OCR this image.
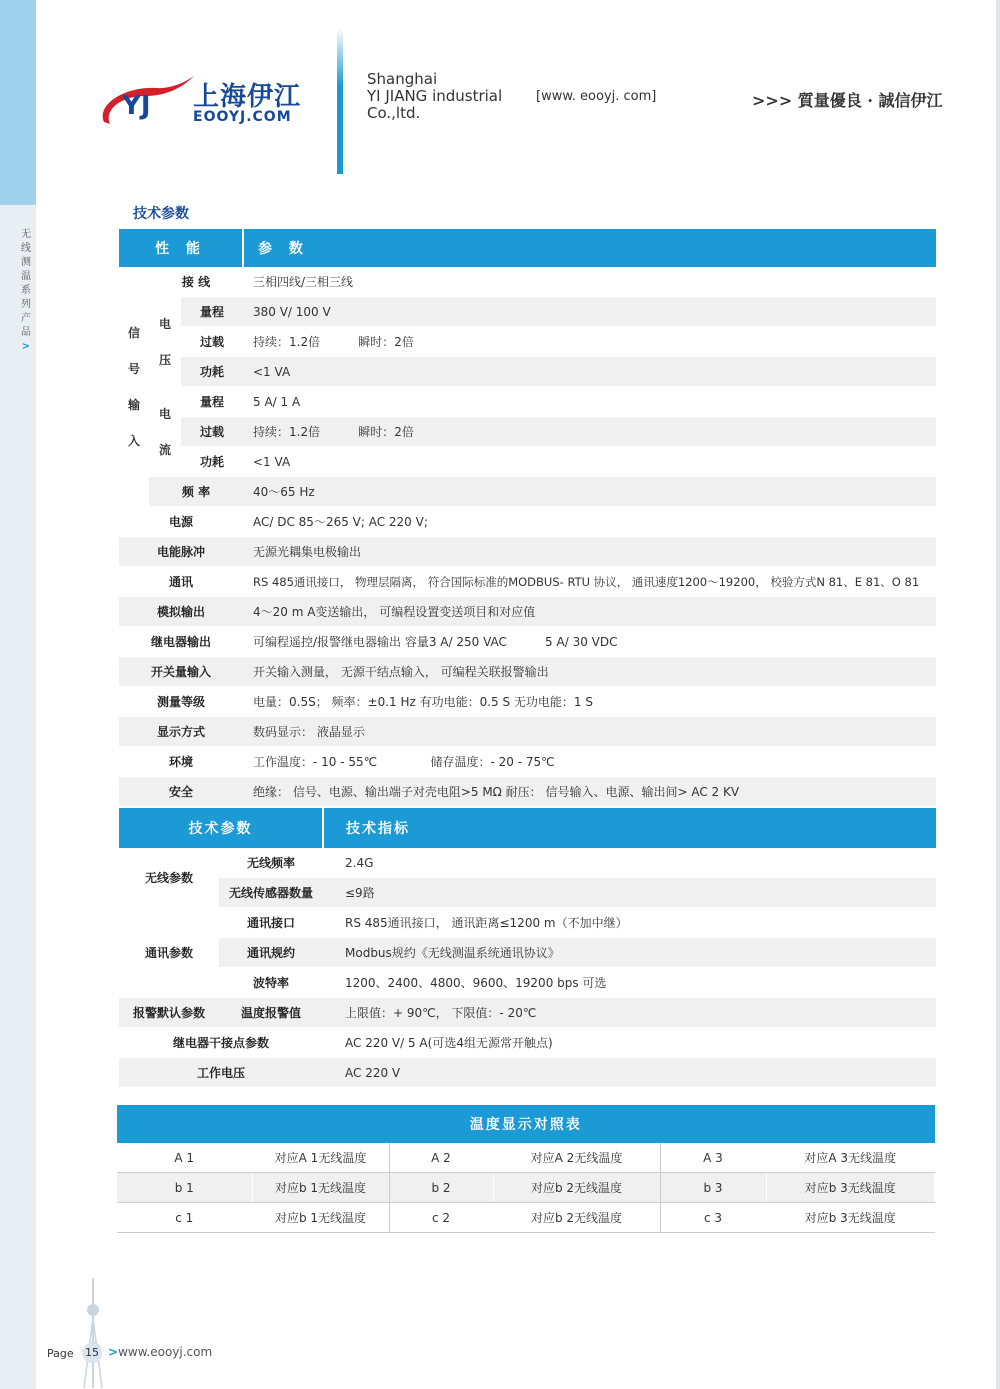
无
线
测
温
系
列
产
品
>
YJ 上海伊江
EOOYJ.COM
Shanghai
YI JIANG industrial
Co.,ltd.
[www. eooyj. com]	>>> 質量優良 · 誠信伊江
技术参数
性 能			参 数
信号输入	接 线		三相四线/三相三线
	电压	量程	380 V/ 100 V
		过载	持续：1.2倍          瞬时：2倍
		功耗	<1 VA
	电流	量程	5 A/ 1 A
		过载	持续：1.2倍          瞬时：2倍
		功耗	<1 VA
	频 率		40～65 Hz
电源			AC/ DC 85～265 V; AC 220 V;
电能脉冲			无源光耦集电极输出
通讯			RS 485通讯接口， 物理层隔离， 符合国际标准的MODBUS- RTU 协议， 通讯速度1200～19200， 校验方式N 81、E 81、O 81
模拟输出			4～20 m A变送输出， 可编程设置变送项目和对应值
继电器输出			可编程遥控/报警继电器输出 容量3 A/ 250 VAC          5 A/ 30 VDC
开关量输入			开关输入测量， 无源干结点输入， 可编程关联报警输出
测量等级			电量：0.5S； 频率：±0.1 Hz 有功电能：0.5 S 无功电能：1 S
显示方式			数码显示： 液晶显示
环境			工作温度：- 10 - 55℃              储存温度：- 20 - 75℃
安全			绝缘： 信号、电源、输出端子对壳电阻>5 MΩ 耐压： 信号输入、电源、输出间> AC 2 KV
技术参数		技术指标
无线参数	无线频率	2.4G
	无线传感器数量	≤9路
通讯参数	通讯接口	RS 485通讯接口， 通讯距离≤1200 m（不加中继）
	通讯规约	Modbus规约《无线测温系统通讯协议》
	波特率	1200、2400、4800、9600、19200 bps 可选
报警默认参数	温度报警值	上限值：+ 90℃， 下限值：- 20℃
继电器干接点参数		AC 220 V/ 5 A(可选4组无源常开触点)
工作电压		AC 220 V
温度显示对照表					
A 1	对应A 1无线温度	A 2	对应A 2无线温度	A 3	对应A 3无线温度
b 1	对应b 1无线温度	b 2	对应b 2无线温度	b 3	对应b 3无线温度
c 1	对应b 1无线温度	c 2	对应b 2无线温度	c 3	对应b 3无线温度
Page 15 >www.eooyj.com
